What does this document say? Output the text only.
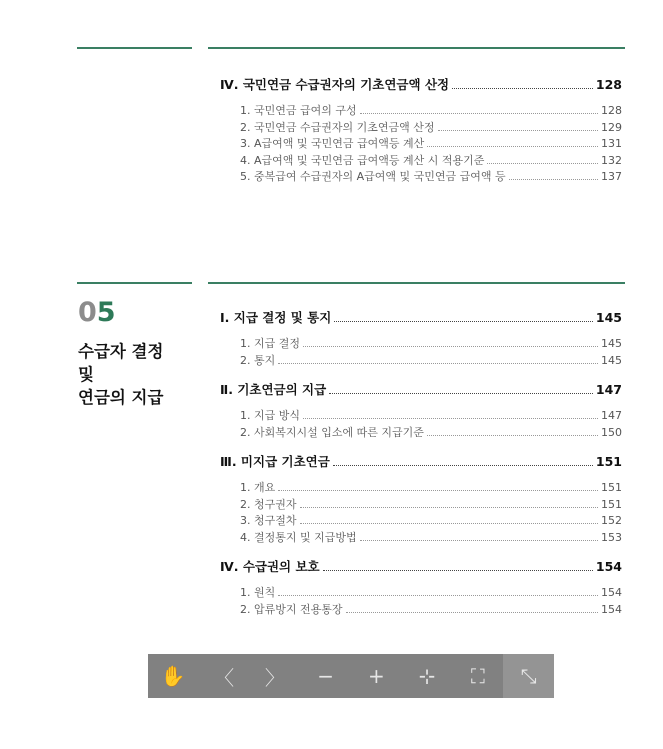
Ⅳ. 국민연금 수급권자의 기초연금액 산정	128
1. 국민연금 급여의 구성	128
2. 국민연금 수급권자의 기초연금액 산정	129
3. A급여액 및 국민연금 급여액등 계산	131
4. A급여액 및 국민연금 급여액등 계산 시 적용기준	132
5. 중복급여 수급권자의 A급여액 및 국민연금 급여액 등	137
05
수급자 결정
및
연금의 지급
Ⅰ. 지급 결정 및 통지	145
1. 지급 결정	145
2. 통지	145
Ⅱ. 기초연금의 지급	147
1. 지급 방식	147
2. 사회복지시설 입소에 따른 지급기준	150
Ⅲ. 미지급 기초연금	151
1. 개요	151
2. 청구권자	151
3. 청구절차	152
4. 결정통지 및 지급방법	153
Ⅳ. 수급권의 보호	154
1. 원칙	154
2. 압류방지 전용통장	154
✋ 〈 〉 − + ⊹ ⛶ ⤡
